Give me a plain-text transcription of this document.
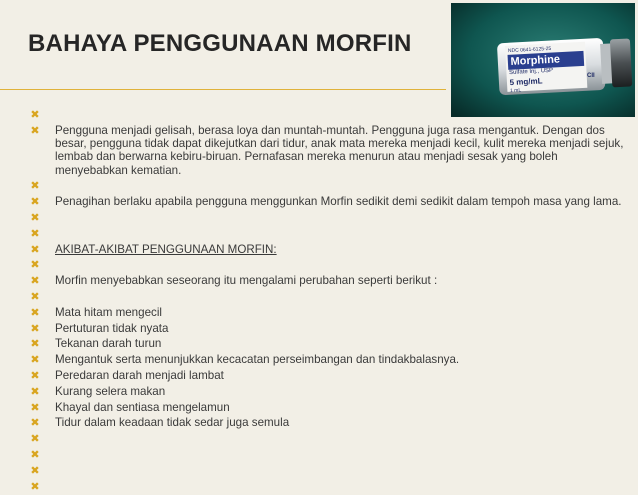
BAHAYA PENGGUNAAN MORFIN	NDC 0641-6125-25
Morphine
Sulfate Inj., USP
5 mg/mL
1 mL
CII
✖
✖ Pengguna menjadi gelisah, berasa loya dan muntah-muntah. Pengguna juga rasa mengantuk. Dengan dos besar, pengguna tidak dapat dikejutkan dari tidur, anak mata mereka menjadi kecil, kulit mereka menjadi sejuk, lembab dan berwarna kebiru-biruan. Pernafasan mereka menurun atau menjadi sesak yang boleh menyebabkan kematian.
✖
✖ Penagihan berlaku apabila pengguna menggunkan Morfin sedikit demi sedikit dalam tempoh masa yang lama.
✖
✖
✖ AKIBAT-AKIBAT PENGGUNAAN MORFIN:
✖
✖ Morfin menyebabkan seseorang itu mengalami perubahan seperti berikut :
✖
✖ Mata hitam mengecil
✖ Pertuturan tidak nyata
✖ Tekanan darah turun
✖ Mengantuk serta menunjukkan kecacatan perseimbangan dan tindakbalasnya.
✖ Peredaran darah menjadi lambat
✖ Kurang selera makan
✖ Khayal dan sentiasa mengelamun
✖ Tidur dalam keadaan tidak sedar juga semula
✖
✖
✖
✖
